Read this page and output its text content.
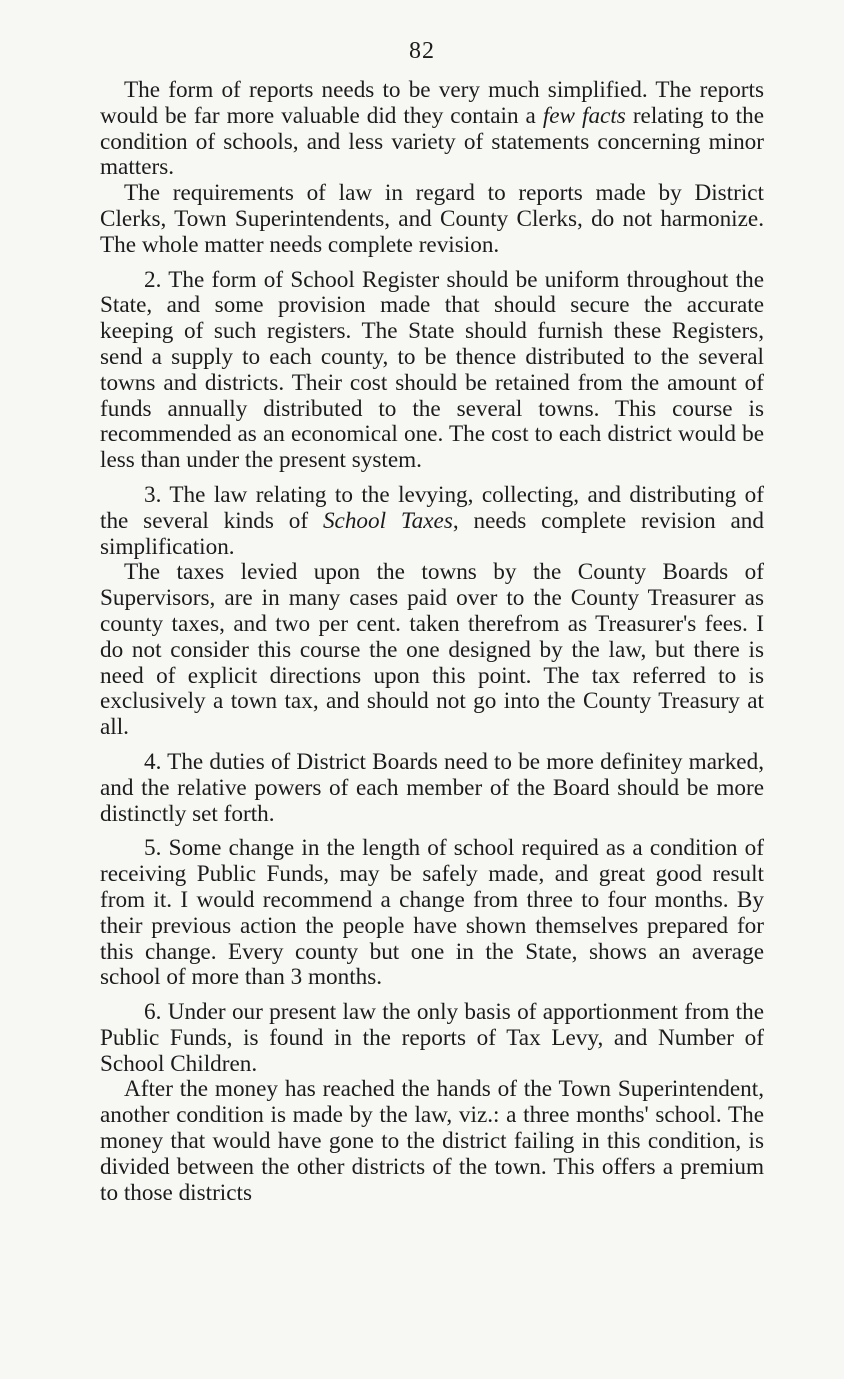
82

The form of reports needs to be very much simplified. The reports would be far more valuable did they contain a few facts relating to the condition of schools, and less variety of statements concerning minor matters.

The requirements of law in regard to reports made by District Clerks, Town Superintendents, and County Clerks, do not harmonize. The whole matter needs complete revision.

2. The form of School Register should be uniform throughout the State, and some provision made that should secure the accurate keeping of such registers. The State should furnish these Registers, send a supply to each county, to be thence distributed to the several towns and districts. Their cost should be retained from the amount of funds annually distributed to the several towns. This course is recommended as an economical one. The cost to each district would be less than under the present system.

3. The law relating to the levying, collecting, and distributing of the several kinds of School Taxes, needs complete revision and simplification.

The taxes levied upon the towns by the County Boards of Supervisors, are in many cases paid over to the County Treasurer as county taxes, and two per cent. taken therefrom as Treasurer's fees. I do not consider this course the one designed by the law, but there is need of explicit directions upon this point. The tax referred to is exclusively a town tax, and should not go into the County Treasury at all.

4. The duties of District Boards need to be more definitey marked, and the relative powers of each member of the Board should be more distinctly set forth.

5. Some change in the length of school required as a condition of receiving Public Funds, may be safely made, and great good result from it. I would recommend a change from three to four months. By their previous action the people have shown themselves prepared for this change. Every county but one in the State, shows an average school of more than 3 months.

6. Under our present law the only basis of apportionment from the Public Funds, is found in the reports of Tax Levy, and Number of School Children.

After the money has reached the hands of the Town Superintendent, another condition is made by the law, viz.: a three months' school. The money that would have gone to the district failing in this condition, is divided between the other districts of the town. This offers a premium to those districts
